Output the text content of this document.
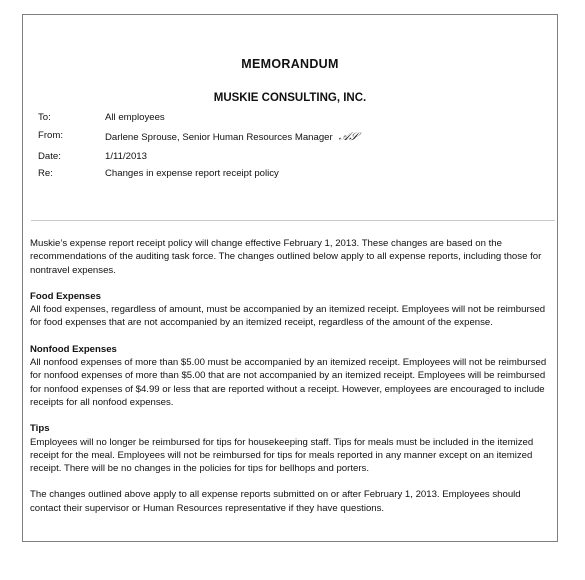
MEMORANDUM
MUSKIE CONSULTING, INC.
To:	All employees
From:	Darlene Sprouse, Senior Human Resources Manager 𝒜𝒮
Date:	1/11/2013
Re:	Changes in expense report receipt policy

Muskie’s expense report receipt policy will change effective February 1, 2013. These changes are based on the recommendations of the auditing task force. The changes outlined below apply to all expense reports, including those for nontravel expenses.

Food Expenses

All food expenses, regardless of amount, must be accompanied by an itemized receipt. Employees will not be reimbursed for food expenses that are not accompanied by an itemized receipt, regardless of the amount of the expense.

Nonfood Expenses

All nonfood expenses of more than $5.00 must be accompanied by an itemized receipt. Employees will not be reimbursed for nonfood expenses of more than $5.00 that are not accompanied by an itemized receipt. Employees will be reimbursed for nonfood expenses of $4.99 or less that are reported without a receipt. However, employees are encouraged to include receipts for all nonfood expenses.

Tips

Employees will no longer be reimbursed for tips for housekeeping staff. Tips for meals must be included in the itemized receipt for the meal. Employees will not be reimbursed for tips for meals reported in any manner except on an itemized receipt. There will be no changes in the policies for tips for bellhops and porters.

The changes outlined above apply to all expense reports submitted on or after February 1, 2013. Employees should contact their supervisor or Human Resources representative if they have questions.
